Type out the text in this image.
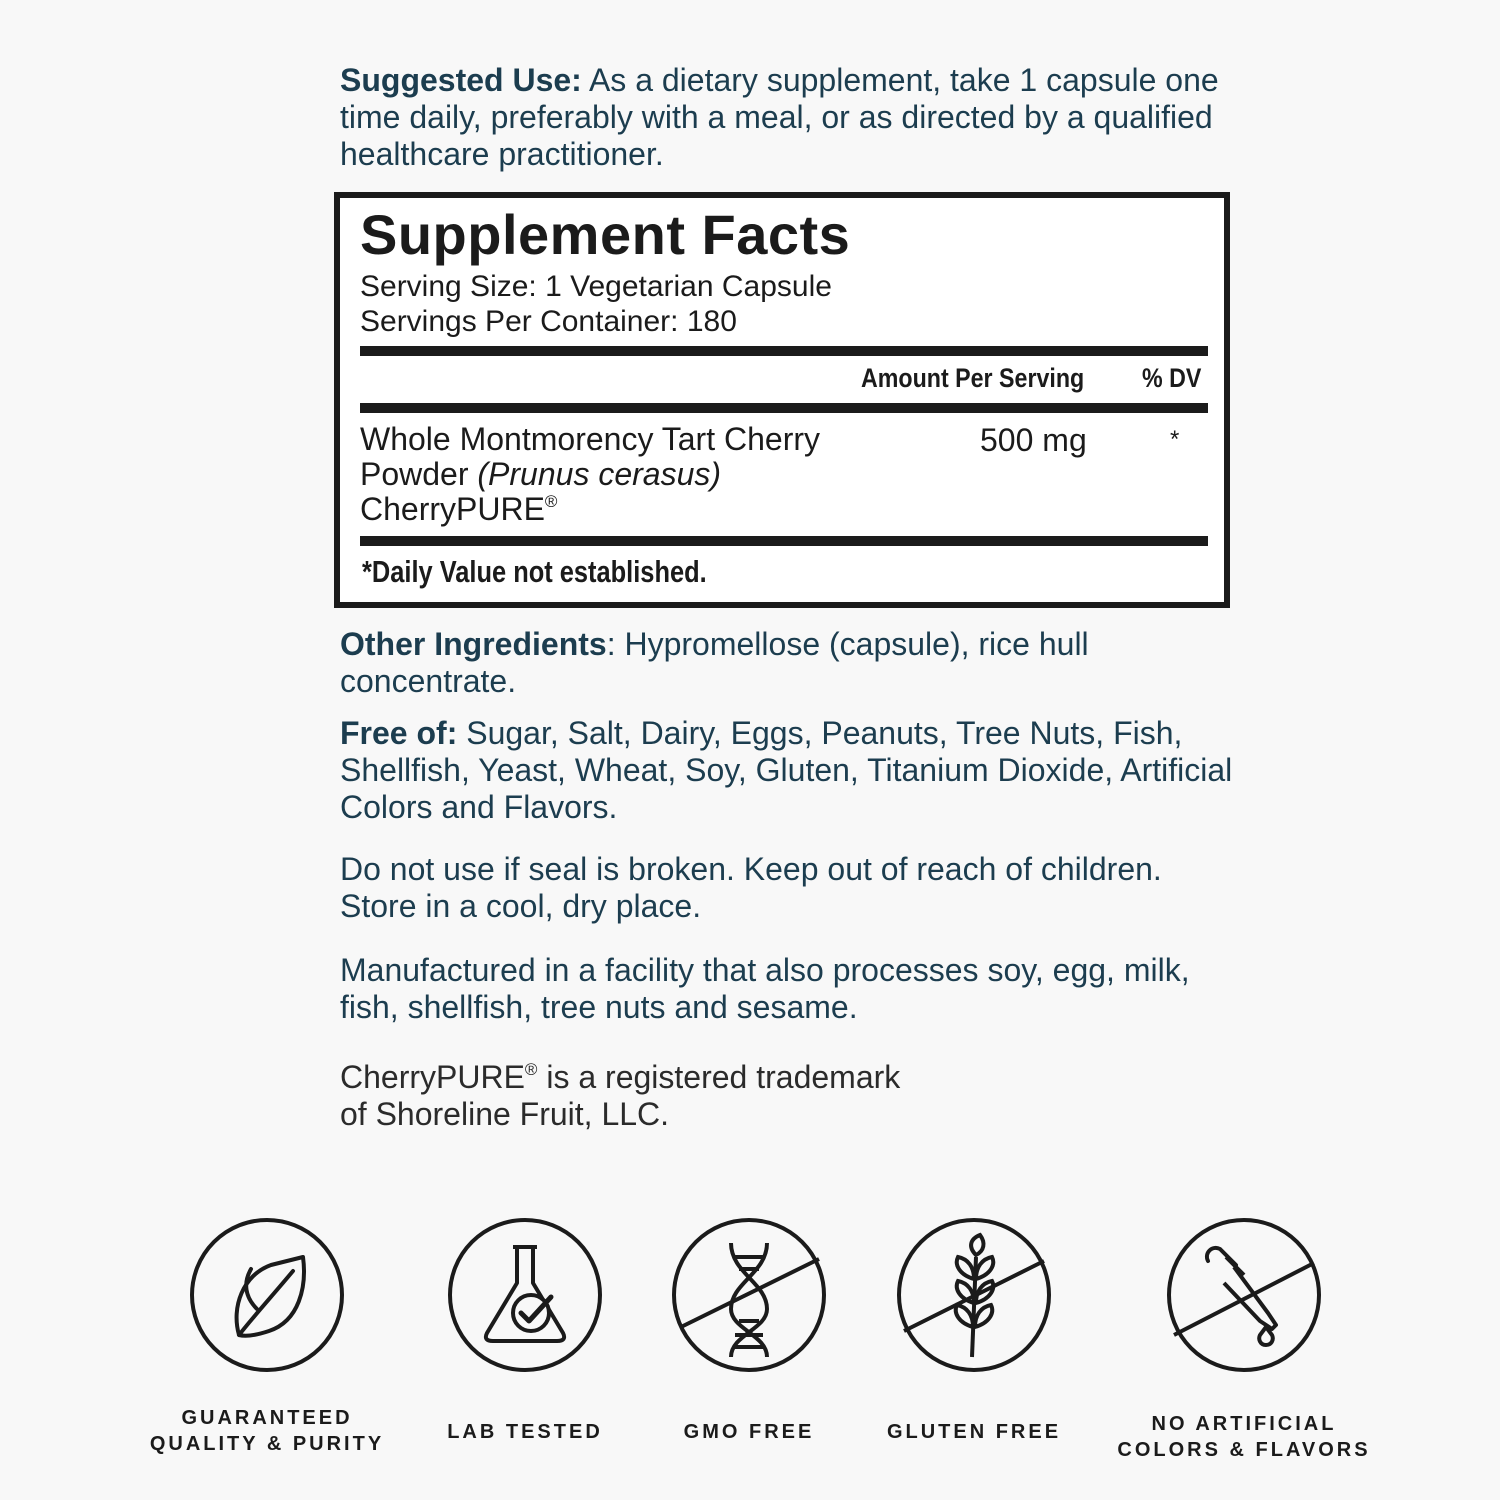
Suggested Use: As a dietary supplement, take 1 capsule one time daily, preferably with a meal, or as directed by a qualified healthcare practitioner.
Supplement Facts
Serving Size: 1 Vegetarian Capsule
Servings Per Container: 180
Amount Per Serving % DV
Whole Montmorency Tart Cherry
Powder (Prunus cerasus)
CherryPURE®
500 mg	*
*Daily Value not established.
Other Ingredients: Hypromellose (capsule), rice hull concentrate.
Free of: Sugar, Salt, Dairy, Eggs, Peanuts, Tree Nuts, Fish, Shellfish, Yeast, Wheat, Soy, Gluten, Titanium Dioxide, Artificial Colors and Flavors.
Do not use if seal is broken. Keep out of reach of children. Store in a cool, dry place.
Manufactured in a facility that also processes soy, egg, milk, fish, shellfish, tree nuts and sesame.
CherryPURE® is a registered trademark
of Shoreline Fruit, LLC.
GUARANTEED
QUALITY & PURITY
LAB TESTED	GMO FREE	GLUTEN FREE	NO ARTIFICIAL
COLORS & FLAVORS
